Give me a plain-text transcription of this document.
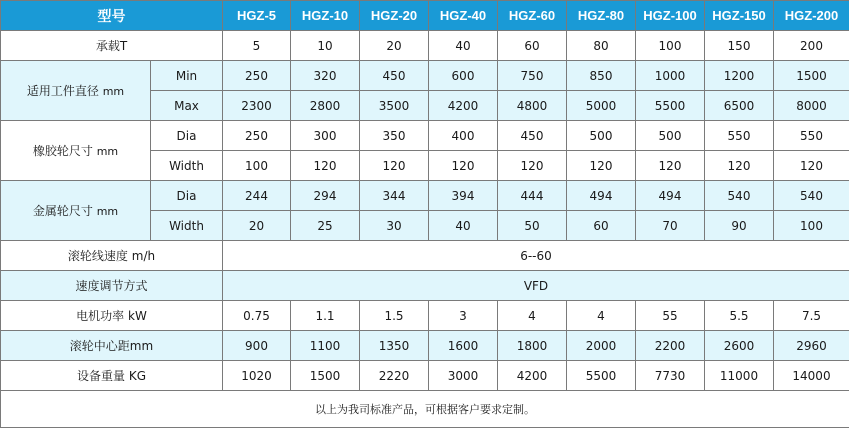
型号		HGZ-5	HGZ-10	HGZ-20	HGZ-40	HGZ-60	HGZ-80	HGZ-100	HGZ-150	HGZ-200
承载T		5	10	20	40	60	80	100	150	200
适用工件直径 mm	Min	250	320	450	600	750	850	1000	1200	1500
	Max	2300	2800	3500	4200	4800	5000	5500	6500	8000
橡胶轮尺寸 mm	Dia	250	300	350	400	450	500	500	550	550
	Width	100	120	120	120	120	120	120	120	120
金属轮尺寸 mm	Dia	244	294	344	394	444	494	494	540	540
	Width	20	25	30	40	50	60	70	90	100
滚轮线速度 m/h		6--60								
速度调节方式		VFD								
电机功率 kW		0.75	1.1	1.5	3	4	4	55	5.5	7.5
滚轮中心距mm		900	1100	1350	1600	1800	2000	2200	2600	2960
设备重量 KG		1020	1500	2220	3000	4200	5500	7730	11000	14000
以上为我司标准产品，可根据客户要求定制。										
